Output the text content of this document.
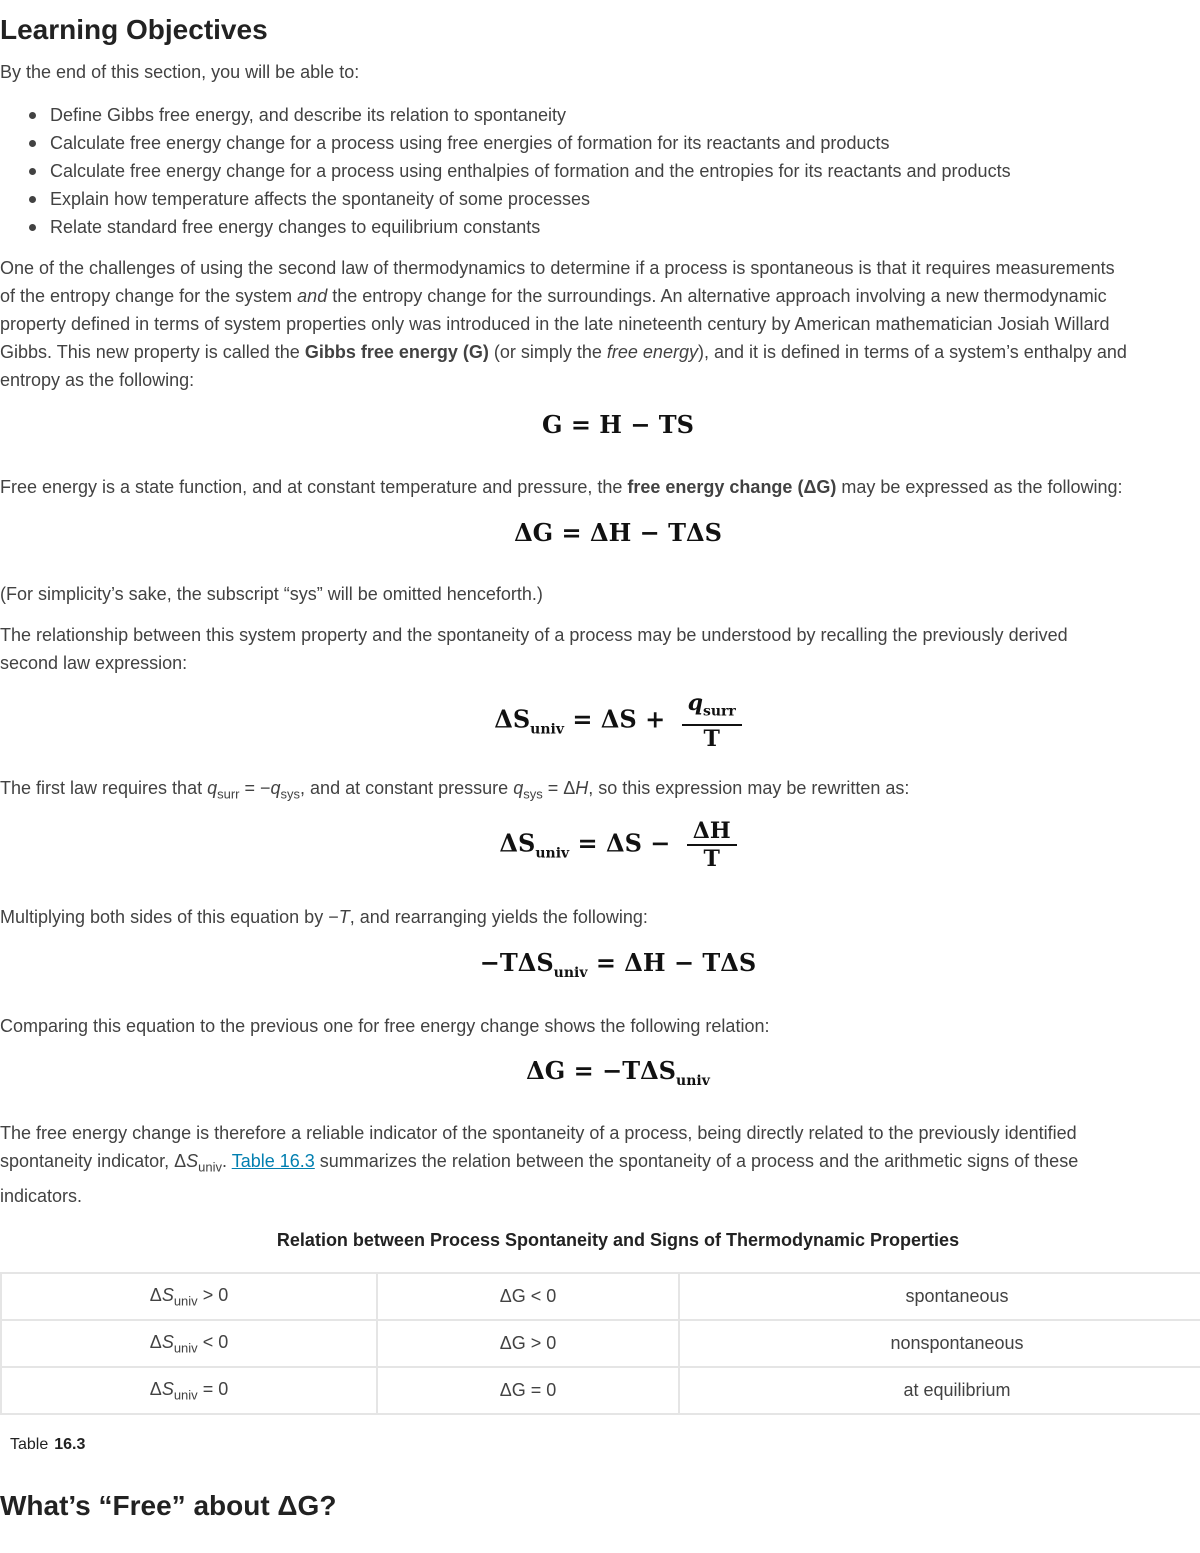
Learning Objectives

By the end of this section, you will be able to:

Define Gibbs free energy, and describe its relation to spontaneity
Calculate free energy change for a process using free energies of formation for its reactants and products
Calculate free energy change for a process using enthalpies of formation and the entropies for its reactants and products
Explain how temperature affects the spontaneity of some processes
Relate standard free energy changes to equilibrium constants
One of the challenges of using the second law of thermodynamics to determine if a process is spontaneous is that it requires measurements
of the entropy change for the system and the entropy change for the surroundings. An alternative approach involving a new thermodynamic
property defined in terms of system properties only was introduced in the late nineteenth century by American mathematician Josiah Willard
Gibbs. This new property is called the Gibbs free energy (G) (or simply the free energy), and it is defined in terms of a system’s enthalpy and
entropy as the following:
G = H − TS
Free energy is a state function, and at constant temperature and pressure, the free energy change (ΔG) may be expressed as the following:
ΔG = ΔH − TΔS
(For simplicity’s sake, the subscript “sys” will be omitted henceforth.)
The relationship between this system property and the spontaneity of a process may be understood by recalling the previously derived
second law expression:
$\Delta S_{univ} = \Delta S + \frac{q_{surr}}{T}$
The first law requires that $q_{surr} = -q_{sys}$, and at constant pressure $q_{sys} = \Delta H$, so this expression may be rewritten as:
$\Delta S_{univ} = \Delta S - \frac{\Delta H}{T}$
Multiplying both sides of this equation by −T, and rearranging yields the following:
$-T\Delta S_{univ} = \Delta H - T\Delta S$
Comparing this equation to the previous one for free energy change shows the following relation:
$\Delta G = -T\Delta S_{univ}$
The free energy change is therefore a reliable indicator of the spontaneity of a process, being directly related to the previously identified
spontaneity indicator, $\Delta S_{univ}$. Table 16.3 summarizes the relation between the spontaneity of a process and the arithmetic signs of these
indicators.
Relation between Process Spontaneity and Signs of Thermodynamic Properties
$\Delta S_{univ} > 0$	ΔG < 0	spontaneous
$\Delta S_{univ} < 0$	ΔG > 0	nonspontaneous
$\Delta S_{univ} = 0$	ΔG = 0	at equilibrium
Table 16.3
What’s “Free” about ΔG?
